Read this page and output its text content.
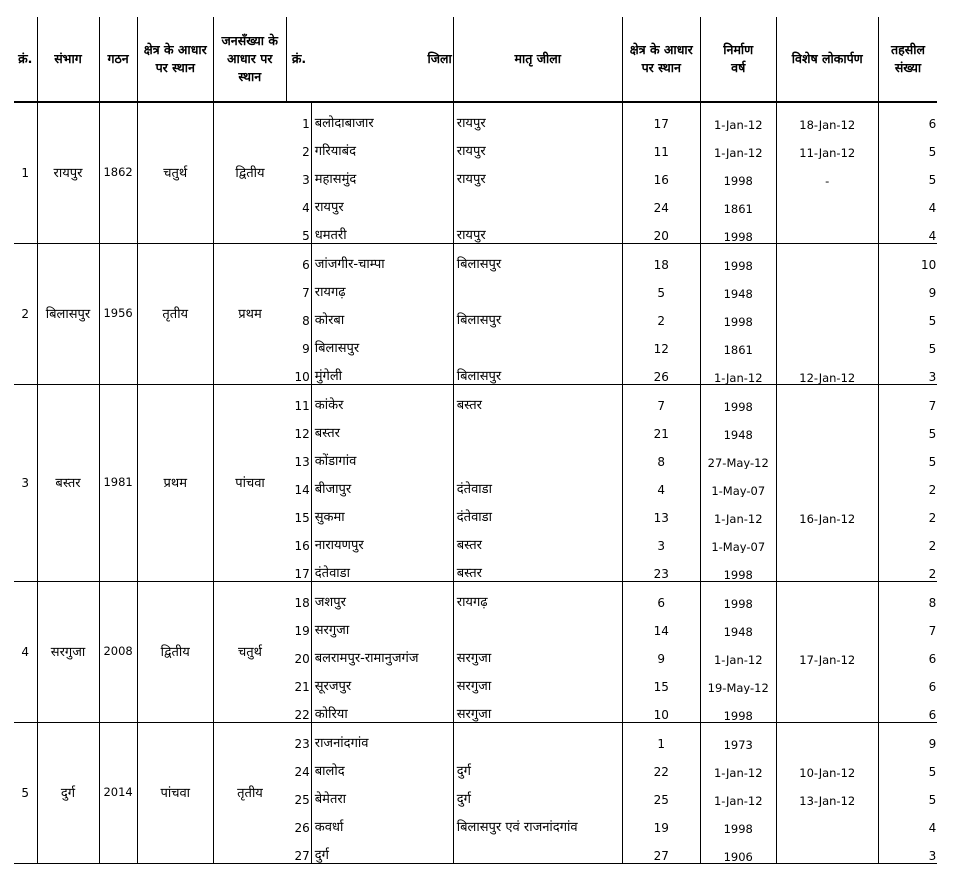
क्रं.	संभाग	गठन	क्षेत्र के आधार पर स्थान	जनसँख्या के आधार पर स्थान	क्रं.	जिला	मातृ जीला	क्षेत्र के आधार पर स्थान	निर्माण वर्ष	विशेष लोकार्पण	तहसील संख्या
1	रायपुर	1862	चतुर्थ	द्वितीय	1	बलोदाबाजार	रायपुर	17	1-Jan-12	18-Jan-12	6
					2	गरियाबंद	रायपुर	11	1-Jan-12	11-Jan-12	5
					3	महासमुंद	रायपुर	16	1998	-	5
					4	रायपुर		24	1861		4
					5	धमतरी	रायपुर	20	1998		4
2	बिलासपुर	1956	तृतीय	प्रथम	6	जांजगीर-चाम्पा	बिलासपुर	18	1998		10
					7	रायगढ़		5	1948		9
					8	कोरबा	बिलासपुर	2	1998		5
					9	बिलासपुर		12	1861		5
					10	मुंगेली	बिलासपुर	26	1-Jan-12	12-Jan-12	3
3	बस्तर	1981	प्रथम	पांचवा	11	कांकेर	बस्तर	7	1998		7
					12	बस्तर		21	1948		5
					13	कोंडागांव		8	27-May-12		5
					14	बीजापुर	दंतेवाडा	4	1-May-07		2
					15	सुकमा	दंतेवाडा	13	1-Jan-12	16-Jan-12	2
					16	नारायणपुर	बस्तर	3	1-May-07		2
					17	दंतेवाडा	बस्तर	23	1998		2
4	सरगुजा	2008	द्वितीय	चतुर्थ	18	जशपुर	रायगढ़	6	1998		8
					19	सरगुजा		14	1948		7
					20	बलरामपुर-रामानुजगंज	सरगुजा	9	1-Jan-12	17-Jan-12	6
					21	सूरजपुर	सरगुजा	15	19-May-12		6
					22	कोरिया	सरगुजा	10	1998		6
5	दुर्ग	2014	पांचवा	तृतीय	23	राजनांदगांव		1	1973		9
					24	बालोद	दुर्ग	22	1-Jan-12	10-Jan-12	5
					25	बेमेतरा	दुर्ग	25	1-Jan-12	13-Jan-12	5
					26	कवर्धा	बिलासपुर एवं राजनांदगांव	19	1998		4
					27	दुर्ग		27	1906		3
